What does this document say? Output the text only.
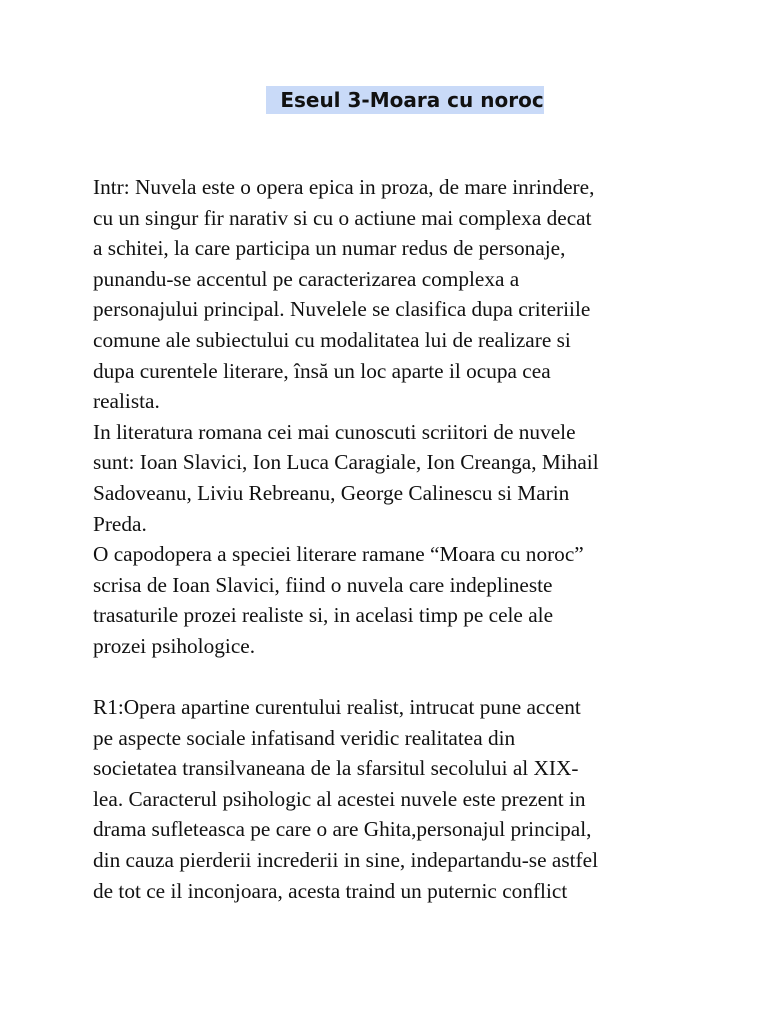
Eseul 3-Moara cu noroc
Intr: Nuvela este o opera epica in proza, de mare inrindere,
cu un singur fir narativ si cu o actiune mai complexa decat
a schitei, la care participa un numar redus de personaje,
punandu-se accentul pe caracterizarea complexa a
personajului principal. Nuvelele se clasifica dupa criteriile
comune ale subiectului cu modalitatea lui de realizare si
dupa curentele literare, însă un loc aparte il ocupa cea
realista.
In literatura romana cei mai cunoscuti scriitori de nuvele
sunt: Ioan Slavici, Ion Luca Caragiale, Ion Creanga, Mihail
Sadoveanu, Liviu Rebreanu, George Calinescu si Marin
Preda.
O capodopera a speciei literare ramane “Moara cu noroc”
scrisa de Ioan Slavici, fiind o nuvela care indeplineste
trasaturile prozei realiste si, in acelasi timp pe cele ale
prozei psihologice.
R1:Opera apartine curentului realist, intrucat pune accent
pe aspecte sociale infatisand veridic realitatea din
societatea transilvaneana de la sfarsitul secolului al XIX-
lea. Caracterul psihologic al acestei nuvele este prezent in
drama sufleteasca pe care o are Ghita,personajul principal,
din cauza pierderii increderii in sine, indepartandu-se astfel
de tot ce il inconjoara, acesta traind un puternic conflict
